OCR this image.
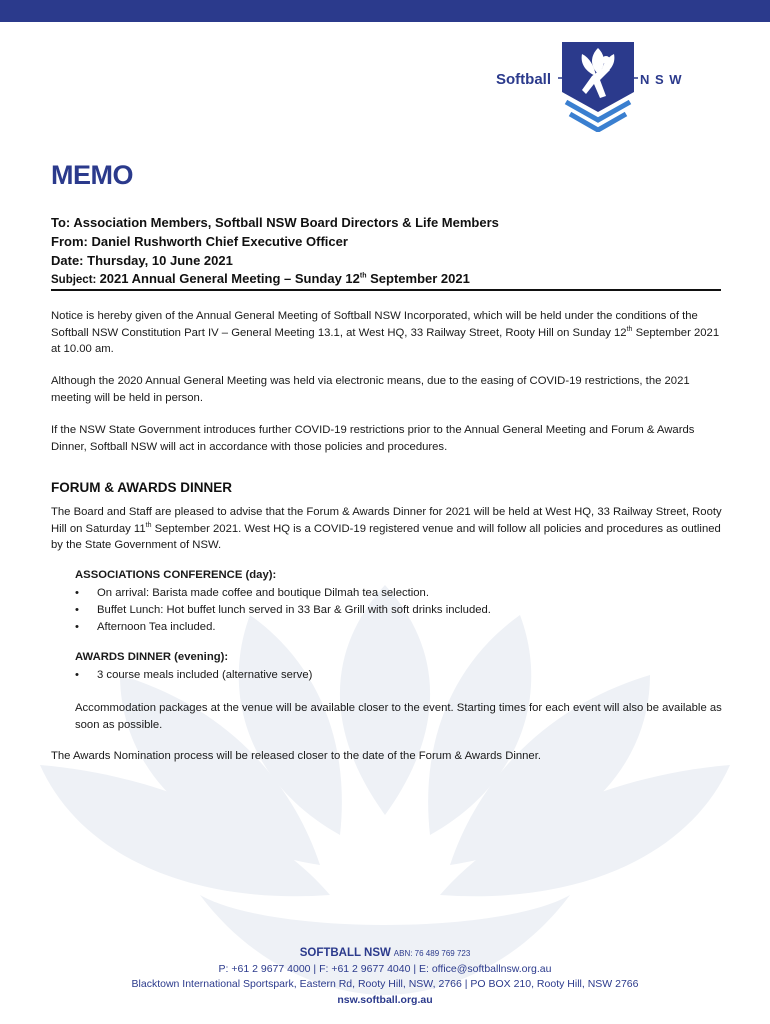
Softball	N S W
MEMO
To: Association Members, Softball NSW Board Directors & Life Members
From: Daniel Rushworth Chief Executive Officer
Date: Thursday, 10 June 2021
Subject: 2021 Annual General Meeting – Sunday 12th September 2021

Notice is hereby given of the Annual General Meeting of Softball NSW Incorporated, which will be held under the conditions of the Softball NSW Constitution Part IV – General Meeting 13.1, at West HQ, 33 Railway Street, Rooty Hill on Sunday 12th September 2021 at 10.00 am.

Although the 2020 Annual General Meeting was held via electronic means, due to the easing of COVID-19 restrictions, the 2021 meeting will be held in person.

If the NSW State Government introduces further COVID-19 restrictions prior to the Annual General Meeting and Forum & Awards Dinner, Softball NSW will act in accordance with those policies and procedures.

FORUM & AWARDS DINNER

The Board and Staff are pleased to advise that the Forum & Awards Dinner for 2021 will be held at West HQ, 33 Railway Street, Rooty Hill on Saturday 11th September 2021. West HQ is a COVID-19 registered venue and will follow all policies and procedures as outlined by the State Government of NSW.

ASSOCIATIONS CONFERENCE (day):
• On arrival: Barista made coffee and boutique Dilmah tea selection.
• Buffet Lunch: Hot buffet lunch served in 33 Bar & Grill with soft drinks included.
• Afternoon Tea included.
AWARDS DINNER (evening):
• 3 course meals included (alternative serve)

Accommodation packages at the venue will be available closer to the event. Starting times for each event will also be available as soon as possible.

The Awards Nomination process will be released closer to the date of the Forum & Awards Dinner.

SOFTBALL NSW ABN: 76 489 769 723
P: +61 2 9677 4000 | F: +61 2 9677 4040 | E: office@softballnsw.org.au
Blacktown International Sportspark, Eastern Rd, Rooty Hill, NSW, 2766 | PO BOX 210, Rooty Hill, NSW 2766
nsw.softball.org.au
